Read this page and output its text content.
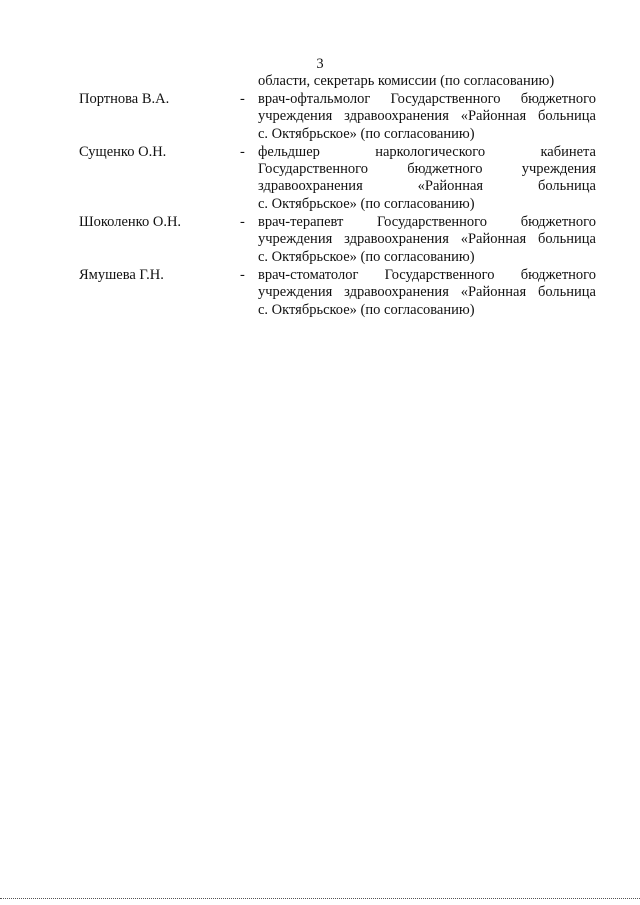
3
области, секретарь комиссии (по согласованию)
Портнова В.А.	- врач-офтальмолог Государственного бюджетного
учреждения здравоохранения «Районная больница
с. Октябрьское» (по согласованию)
Сущенко О.Н.	- фельдшер наркологического кабинета
Государственного бюджетного учреждения
здравоохранения «Районная больница
с. Октябрьское» (по согласованию)
Шоколенко О.Н.	- врач-терапевт Государственного бюджетного
учреждения здравоохранения «Районная больница
с. Октябрьское» (по согласованию)
Ямушева Г.Н.	- врач-стоматолог Государственного бюджетного
учреждения здравоохранения «Районная больница
с. Октябрьское» (по согласованию)
